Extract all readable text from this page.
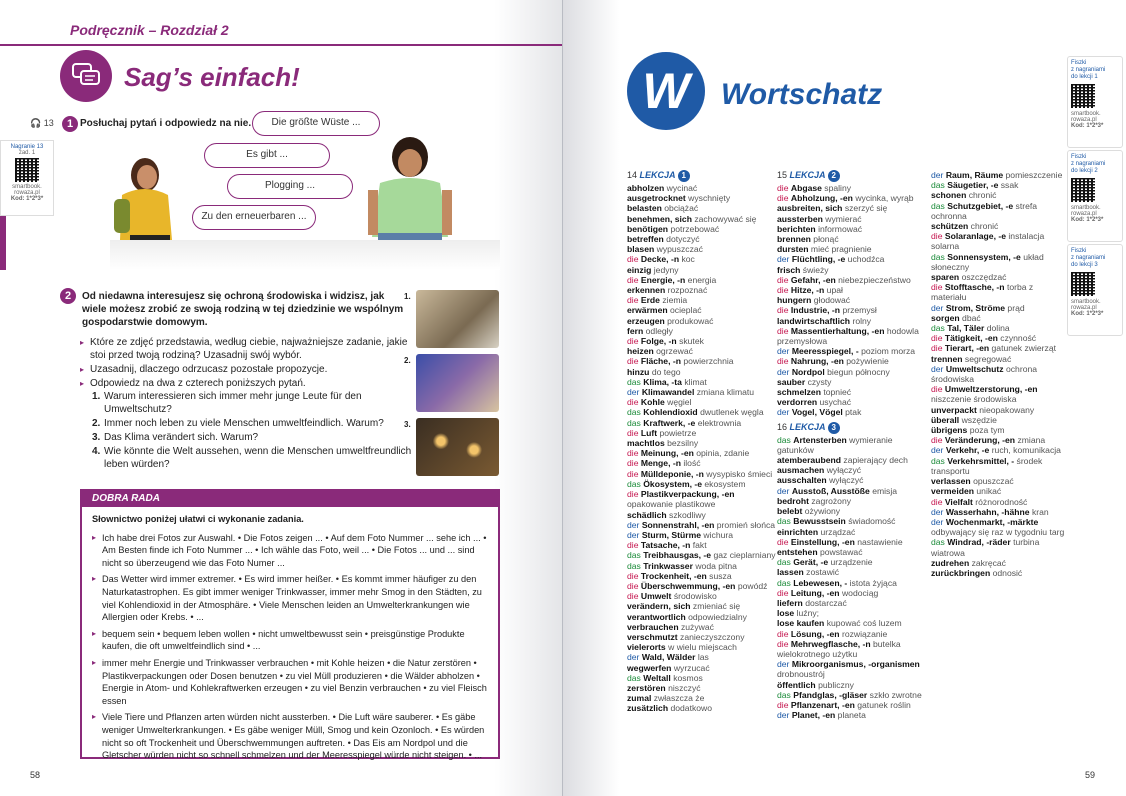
Podręcznik – Rozdział 2
Sag’s einfach!
Nagranie 13
zad. 1
smartbook.
rowaza.pl
Kod: 1*2*3*
🎧 13	1 Posłuchaj pytań i odpowiedz na nie.	Die größte Wüste ...
Es gibt ...
Plogging ...
Zu den erneuerbaren ...
2	Od niedawna interesujesz się ochroną środowiska i widzisz, jak wiele możesz zrobić ze swoją rodziną w tej dziedzinie we wspólnym gospodarstwie domowym.
▸ Które ze zdjęć przedstawia, według ciebie, najważniejsze zadanie, jakie stoi przed twoją rodziną? Uzasadnij swój wybór.
▸ Uzasadnij, dlaczego odrzucasz pozostałe propozycje.
▸ Odpowiedz na dwa z czterech poniższych pytań.
1. Warum interessieren sich immer mehr junge Leute für den Umweltschutz?
2. Immer noch leben zu viele Menschen umweltfeindlich. Warum?
3. Das Klima verändert sich. Warum?
4. Wie könnte die Welt aussehen, wenn die Menschen umweltfreundlich leben würden?
1.
2.
3.
DOBRA RADA
Słownictwo poniżej ułatwi ci wykonanie zadania.
▸ Ich habe drei Fotos zur Auswahl. • Die Fotos zeigen ... • Auf dem Foto Nummer ... sehe ich ... • Am Besten finde ich Foto Nummer ... • Ich wähle das Foto, weil ... • Die Fotos ... und ... sind nicht so überzeugend wie das Foto Numer ...
▸ Das Wetter wird immer extremer. • Es wird immer heißer. • Es kommt immer häufiger zu den Naturkatastrophen. Es gibt immer weniger Trinkwasser, immer mehr Smog in den Städten, zu viel Kohlendioxid in der Atmosphäre. • Viele Menschen leiden an Umwelterkrankungen wie Allergien oder Krebs. • ...
▸ bequem sein • bequem leben wollen • nicht umweltbewusst sein • preisgünstige Produkte kaufen, die oft umweltfeindlich sind • ...
▸ immer mehr Energie und Trinkwasser verbrauchen • mit Kohle heizen • die Natur zerstören • Plastikverpackungen oder Dosen benutzen • zu viel Müll produzieren • die Wälder abholzen • Energie in Atom- und Kohlekraftwerken erzeugen • zu viel Benzin verbrauchen • zu viel Fleisch essen
▸ Viele Tiere und Pflanzen arten würden nicht aussterben. • Die Luft wäre sauberer. • Es gäbe weniger Umwelterkrankungen. • Es gäbe weniger Müll, Smog und kein Ozonloch. • Es würden nicht so oft Trockenheit und Überschwemmungen auftreten. • Das Eis am Nordpol und die Gletscher würden nicht so schnell schmelzen und der Meeresspiegel würde nicht steigen. • ...
58
W	Wortschatz
Fiszki
z nagraniami
do lekcji 1
smartbook.
rowaza.pl
Kod: 1*2*3*
Fiszki
z nagraniami
do lekcji 2
smartbook.
rowaza.pl
Kod: 1*2*3*
Fiszki
z nagraniami
do lekcji 3
smartbook.
rowaza.pl
Kod: 1*2*3*
14 LEKCJA 1
abholzen wycinać
ausgetrocknet wyschnięty
belasten obciążać
benehmen, sich zachowywać się
benötigen potrzebować
betreffen dotyczyć
blasen wypuszczać
die Decke, -n koc
einzig jedyny
die Energie, -n energia
erkennen rozpoznać
die Erde ziemia
erwärmen ocieplać
erzeugen produkować
fern odległy
die Folge, -n skutek
heizen ogrzewać
die Fläche, -n powierzchnia
hinzu do tego
das Klima, -ta klimat
der Klimawandel zmiana klimatu
die Kohle węgiel
das Kohlendioxid dwutlenek węgla
das Kraftwerk, -e elektrownia
die Luft powietrze
machtlos bezsilny
die Meinung, -en opinia, zdanie
die Menge, -n ilość
die Mülldeponie, -n wysypisko śmieci
das Ökosystem, -e ekosystem
die Plastikverpackung, -en opakowanie plastikowe
schädlich szkodliwy
der Sonnenstrahl, -en promień słońca
der Sturm, Stürme wichura
die Tatsache, -n fakt
das Treibhausgas, -e gaz cieplarniany
das Trinkwasser woda pitna
die Trockenheit, -en susza
die Überschwemmung, -en powódź
die Umwelt środowisko
verändern, sich zmieniać się
verantwortlich odpowiedzialny
verbrauchen zużywać
verschmutzt zanieczyszczony
vielerorts w wielu miejscach
der Wald, Wälder las
wegwerfen wyrzucać
das Weltall kosmos
zerstören niszczyć
zumal zwłaszcza że
zusätzlich dodatkowo
15 LEKCJA 2
die Abgase spaliny
die Abholzung, -en wycinka, wyrąb
ausbreiten, sich szerzyć się
aussterben wymierać
berichten informować
brennen płonąć
dursten mieć pragnienie
der Flüchtling, -e uchodźca
frisch świeży
die Gefahr, -en niebezpieczeństwo
die Hitze, -n upał
hungern głodować
die Industrie, -n przemysł
landwirtschaftlich rolny
die Massentierhaltung, -en hodowla przemysłowa
der Meeresspiegel, - poziom morza
die Nahrung, -en pożywienie
der Nordpol biegun północny
sauber czysty
schmelzen topnieć
verdorren usychać
der Vogel, Vögel ptak
16 LEKCJA 3
das Artensterben wymieranie gatunków
atemberaubend zapierający dech
ausmachen wyłączyć
ausschalten wyłączyć
der Ausstoß, Ausstöße emisja
bedroht zagrożony
belebt ożywiony
das Bewusstsein świadomość
einrichten urządzać
die Einstellung, -en nastawienie
entstehen powstawać
das Gerät, -e urządzenie
lassen zostawić
das Lebewesen, - istota żyjąca
die Leitung, -en wodociąg
liefern dostarczać
lose luźny;
lose kaufen kupować coś luzem
die Lösung, -en rozwiązanie
die Mehrwegflasche, -n butelka wielokrotnego użytku
der Mikroorganismus, -organismen drobnoustrój
öffentlich publiczny
das Pfandglas, -gläser szkło zwrotne
die Pflanzenart, -en gatunek roślin
der Planet, -en planeta
der Raum, Räume pomieszczenie
das Säugetier, -e ssak
schonen chronić
das Schutzgebiet, -e strefa ochronna
schützen chronić
die Solaranlage, -e instalacja solarna
das Sonnensystem, -e układ słoneczny
sparen oszczędzać
die Stofftasche, -n torba z materiału
der Strom, Ströme prąd
sorgen dbać
das Tal, Täler dolina
die Tätigkeit, -en czynność
die Tierart, -en gatunek zwierząt
trennen segregować
der Umweltschutz ochrona środowiska
die Umweltzerstorung, -en niszczenie środowiska
unverpackt nieopakowany
überall wszędzie
übrigens poza tym
die Veränderung, -en zmiana
der Verkehr, -e ruch, komunikacja
das Verkehrsmittel, - środek transportu
verlassen opuszczać
vermeiden unikać
die Vielfalt różnorodność
der Wasserhahn, -hähne kran
der Wochenmarkt, -märkte odbywający się raz w tygodniu targ
das Windrad, -räder turbina wiatrowa
zudrehen zakręcać
zurückbringen odnosić
59
